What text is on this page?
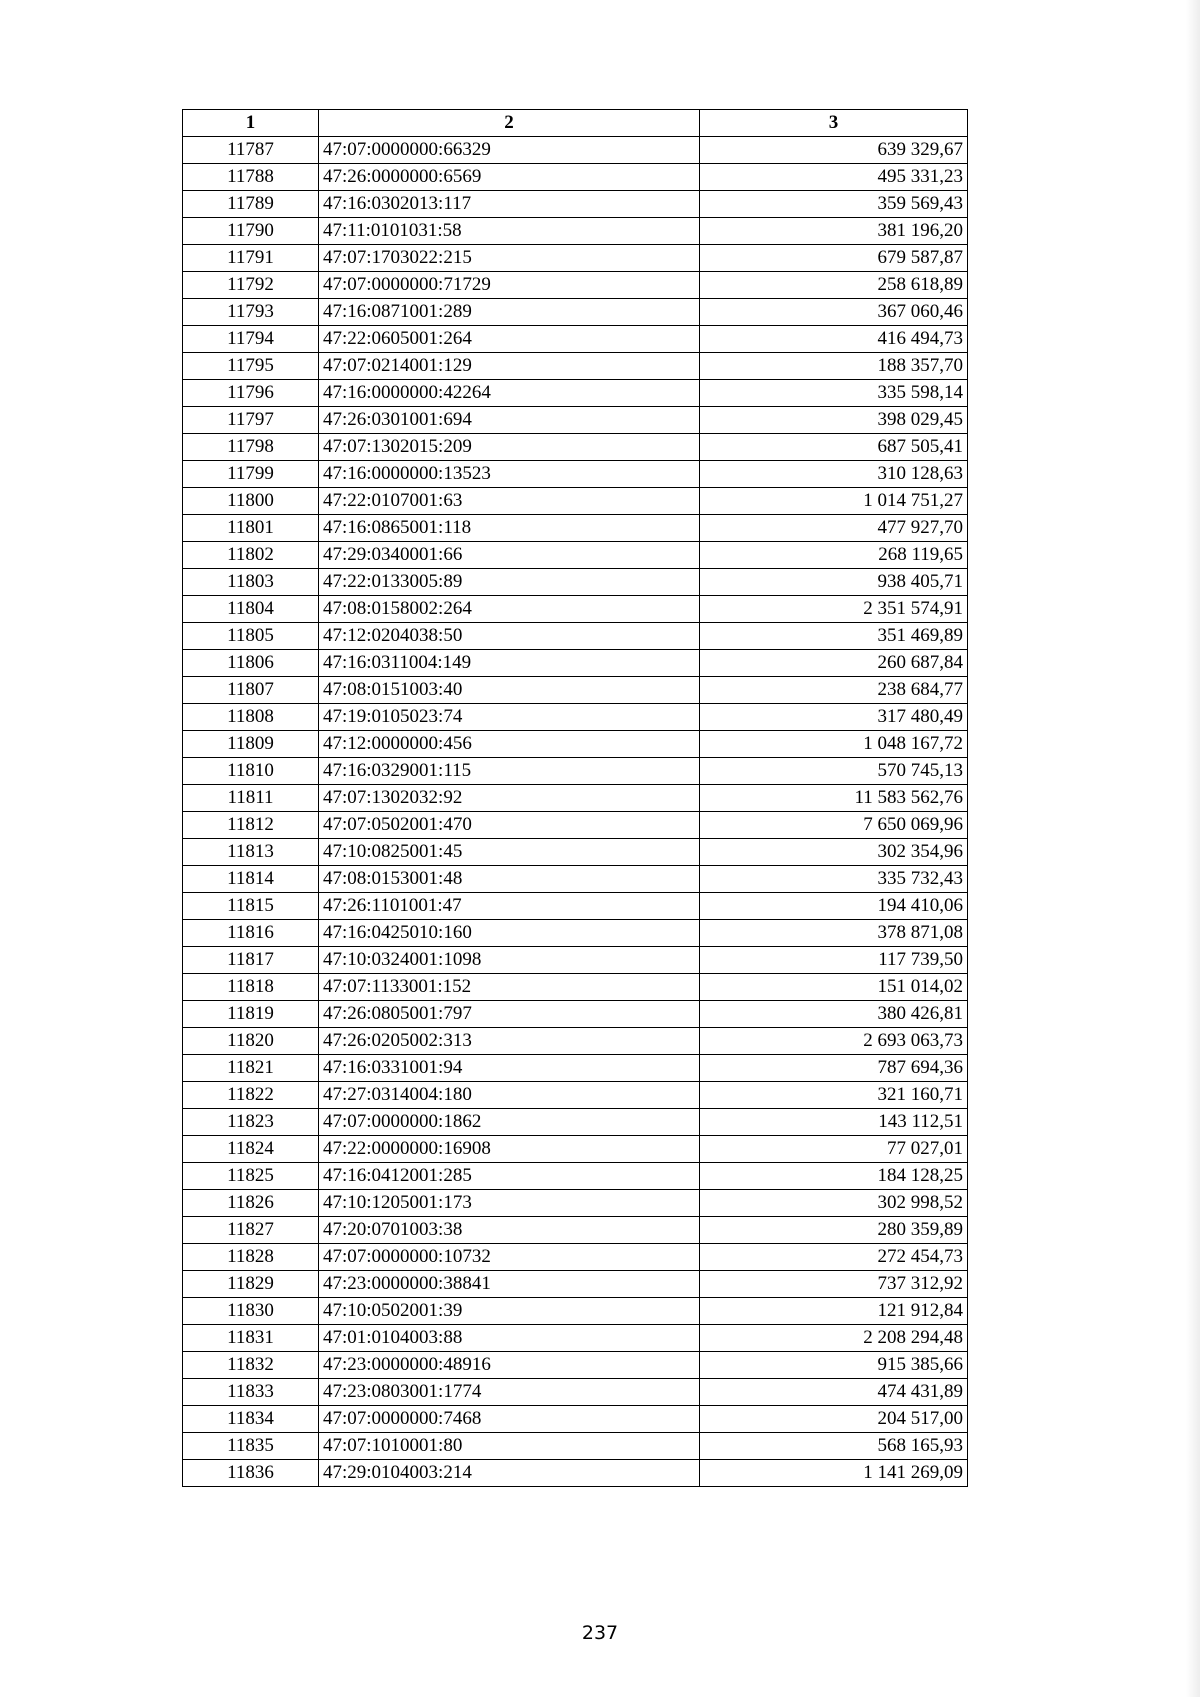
1	2	3
11787	47:07:0000000:66329	639 329,67
11788	47:26:0000000:6569	495 331,23
11789	47:16:0302013:117	359 569,43
11790	47:11:0101031:58	381 196,20
11791	47:07:1703022:215	679 587,87
11792	47:07:0000000:71729	258 618,89
11793	47:16:0871001:289	367 060,46
11794	47:22:0605001:264	416 494,73
11795	47:07:0214001:129	188 357,70
11796	47:16:0000000:42264	335 598,14
11797	47:26:0301001:694	398 029,45
11798	47:07:1302015:209	687 505,41
11799	47:16:0000000:13523	310 128,63
11800	47:22:0107001:63	1 014 751,27
11801	47:16:0865001:118	477 927,70
11802	47:29:0340001:66	268 119,65
11803	47:22:0133005:89	938 405,71
11804	47:08:0158002:264	2 351 574,91
11805	47:12:0204038:50	351 469,89
11806	47:16:0311004:149	260 687,84
11807	47:08:0151003:40	238 684,77
11808	47:19:0105023:74	317 480,49
11809	47:12:0000000:456	1 048 167,72
11810	47:16:0329001:115	570 745,13
11811	47:07:1302032:92	11 583 562,76
11812	47:07:0502001:470	7 650 069,96
11813	47:10:0825001:45	302 354,96
11814	47:08:0153001:48	335 732,43
11815	47:26:1101001:47	194 410,06
11816	47:16:0425010:160	378 871,08
11817	47:10:0324001:1098	117 739,50
11818	47:07:1133001:152	151 014,02
11819	47:26:0805001:797	380 426,81
11820	47:26:0205002:313	2 693 063,73
11821	47:16:0331001:94	787 694,36
11822	47:27:0314004:180	321 160,71
11823	47:07:0000000:1862	143 112,51
11824	47:22:0000000:16908	77 027,01
11825	47:16:0412001:285	184 128,25
11826	47:10:1205001:173	302 998,52
11827	47:20:0701003:38	280 359,89
11828	47:07:0000000:10732	272 454,73
11829	47:23:0000000:38841	737 312,92
11830	47:10:0502001:39	121 912,84
11831	47:01:0104003:88	2 208 294,48
11832	47:23:0000000:48916	915 385,66
11833	47:23:0803001:1774	474 431,89
11834	47:07:0000000:7468	204 517,00
11835	47:07:1010001:80	568 165,93
11836	47:29:0104003:214	1 141 269,09
237
